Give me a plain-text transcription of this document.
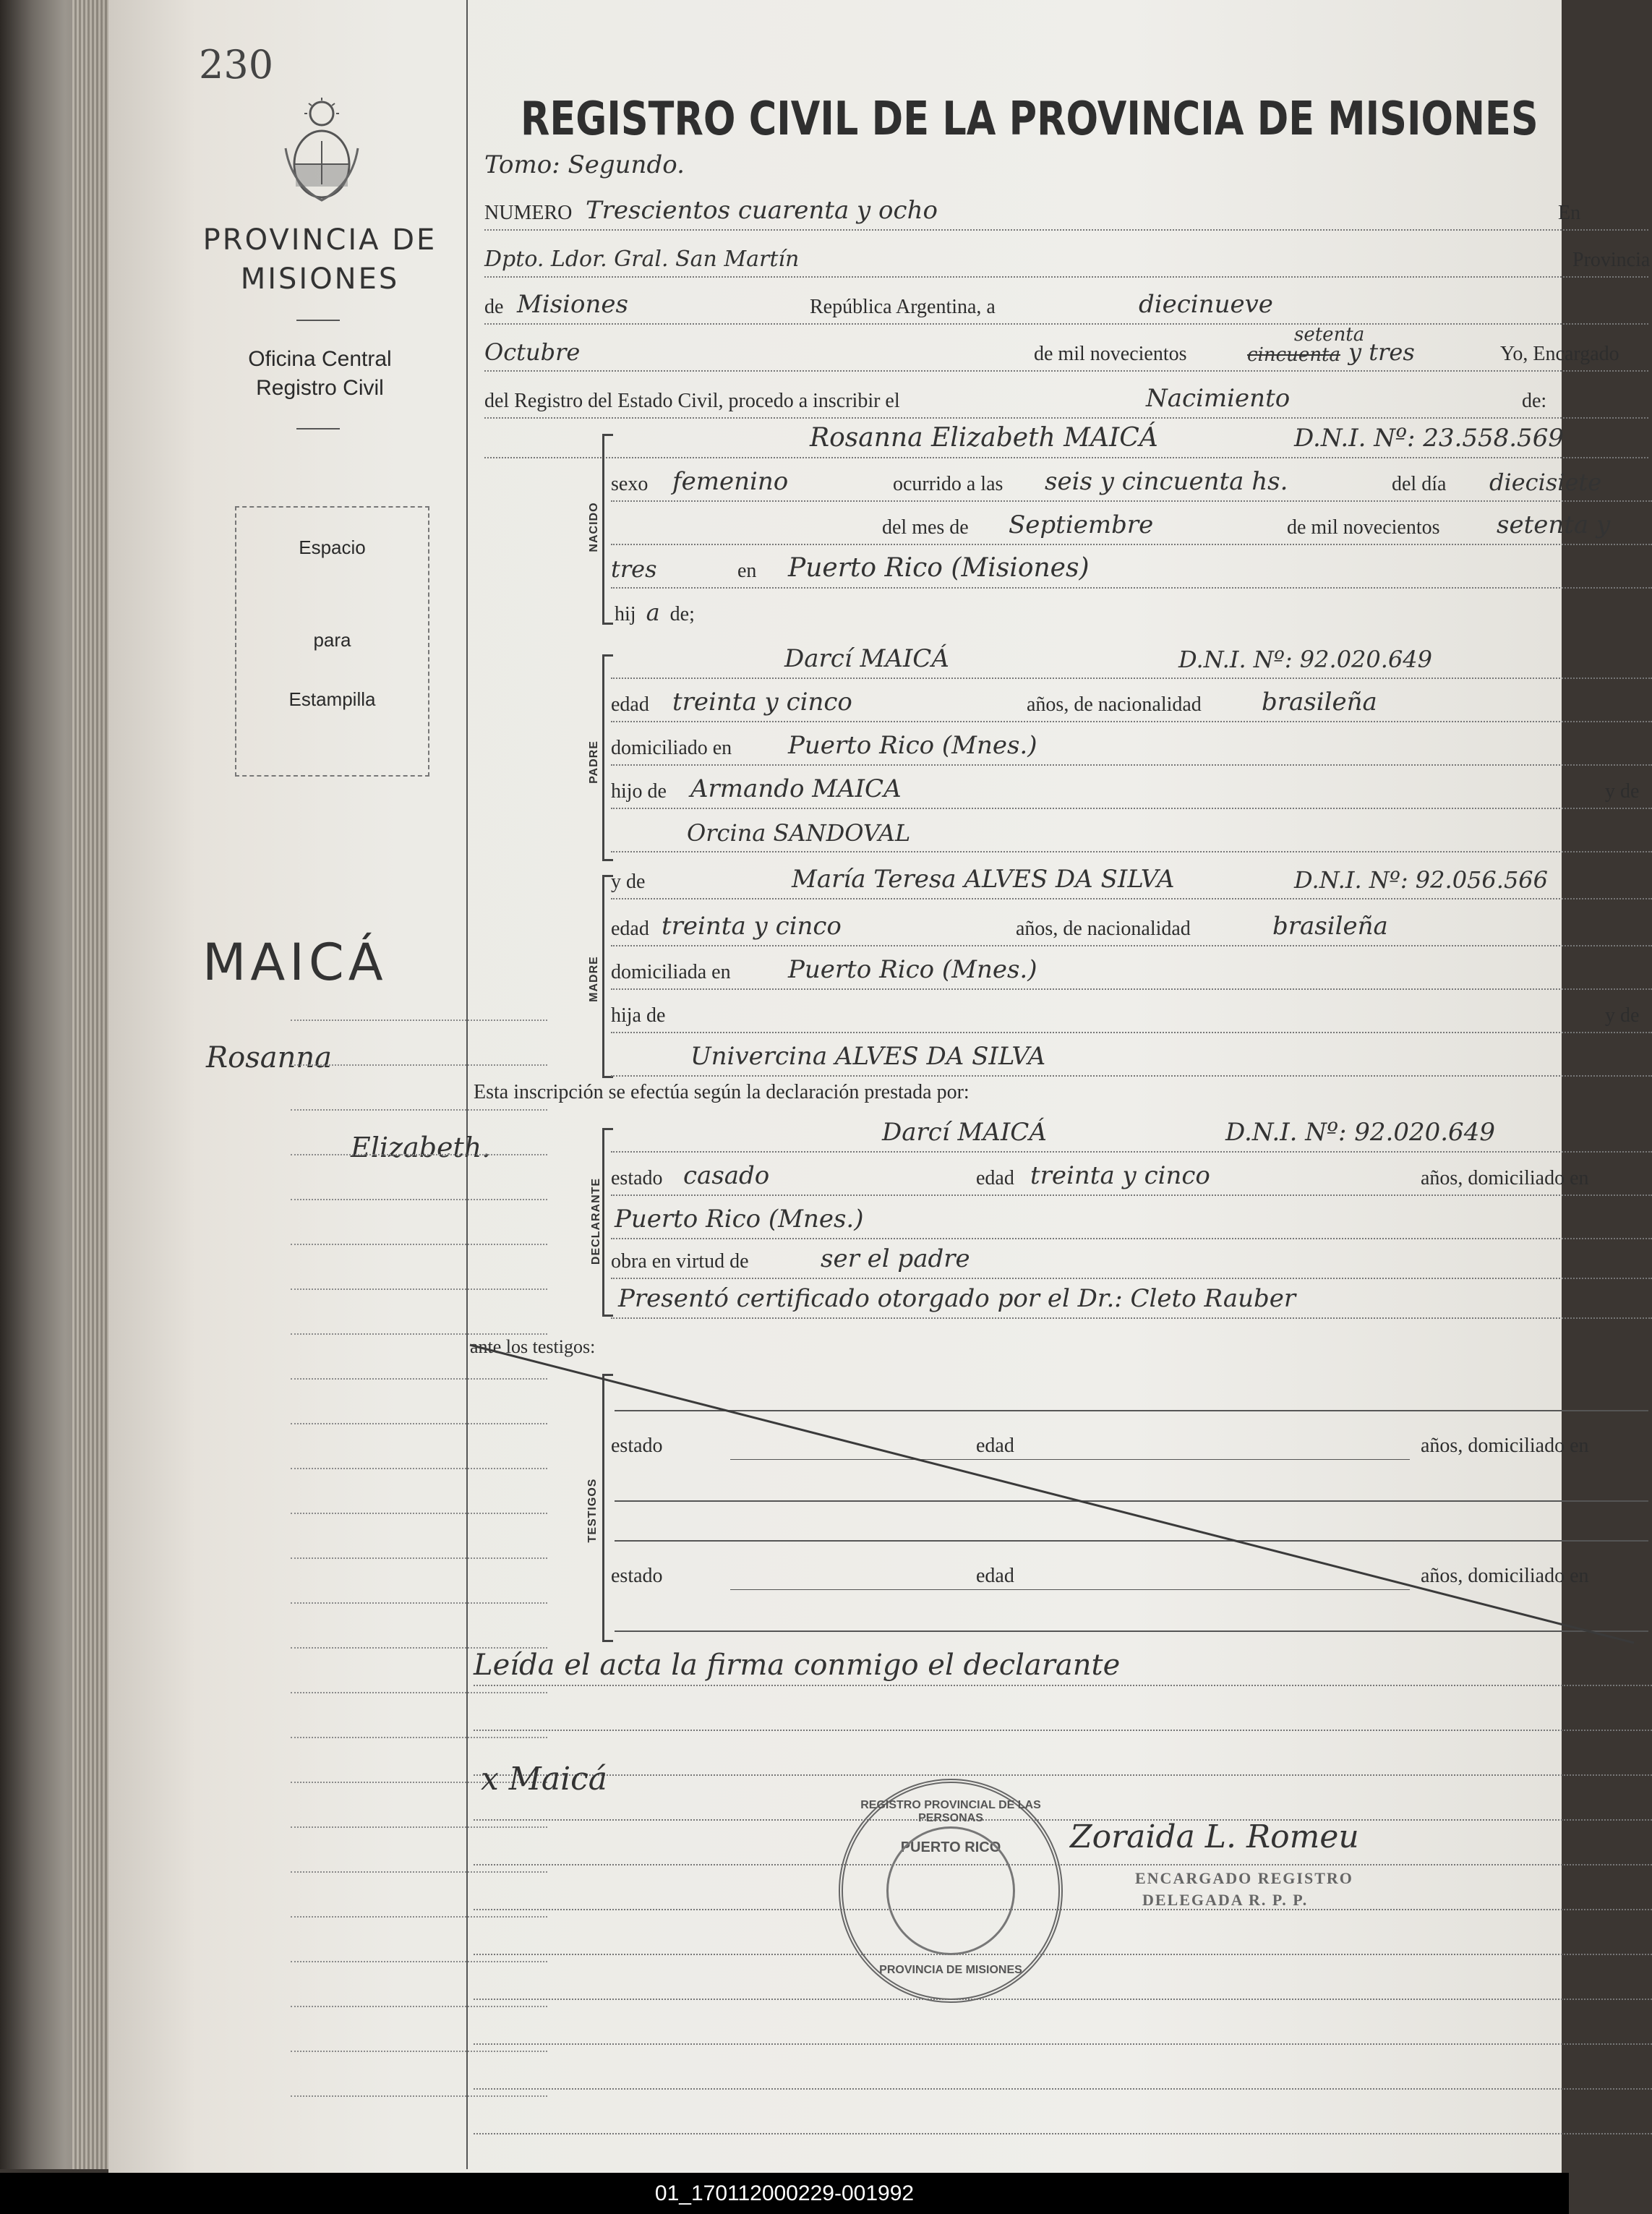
230
PROVINCIA DE MISIONES
Oficina Central
Registro Civil
Espacio
para
Estampilla
MAICÁ
Rosanna
Elizabeth.
REGISTRO CIVIL DE LA PROVINCIA DE MISIONES
Tomo: Segundo.
NUMERO Trescientos cuarenta y ocho	En
Dpto. Ldor. Gral. San Martín	Provincia
de Misiones	República Argentina, a	diecinueve
Octubre	de mil novecientos	cincuenta
setenta
y tres	Yo, Encargado
del Registro del Estado Civil, procedo a inscribir el	Nacimiento	de:
Rosanna Elizabeth MAICÁ	D.N.I. Nº: 23.558.569
NACIDO
sexo femenino	ocurrido a las seis y cincuenta hs.	del día diecisiete
del mes de Septiembre	de mil novecientos setenta y
tres	en Puerto Rico (Misiones)
hij a de;
PADRE
Darcí MAICÁ	D.N.I. Nº: 92.020.649
edad treinta y cinco	años, de nacionalidad brasileña
domiciliado en Puerto Rico (Mnes.)
hijo de Armando MAICA	y de
Orcina SANDOVAL
MADRE
y de	María Teresa ALVES DA SILVA	D.N.I. Nº: 92.056.566
edad treinta y cinco	años, de nacionalidad	brasileña
domiciliada en Puerto Rico (Mnes.)
hija de	y de
Univercina ALVES DA SILVA
Esta inscripción se efectúa según la declaración prestada por:
DECLARANTE
Darcí MAICÁ	D.N.I. Nº: 92.020.649
estado casado	edad treinta y cinco	años, domiciliado en
Puerto Rico (Mnes.)
obra en virtud de	ser el padre
Presentó certificado otorgado por el Dr.: Cleto Rauber
ante los testigos:
TESTIGOS
estado	edad	años, domiciliado en
estado	edad	años, domiciliado en
Leída el acta la firma conmigo el declarante
x Maicá
Zoraida L. Romeu
ENCARGADO REGISTRO
DELEGADA R. P. P.
REGISTRO PROVINCIAL DE LAS PERSONAS
PUERTO RICO
PROVINCIA DE MISIONES
01_170112000229-001992
